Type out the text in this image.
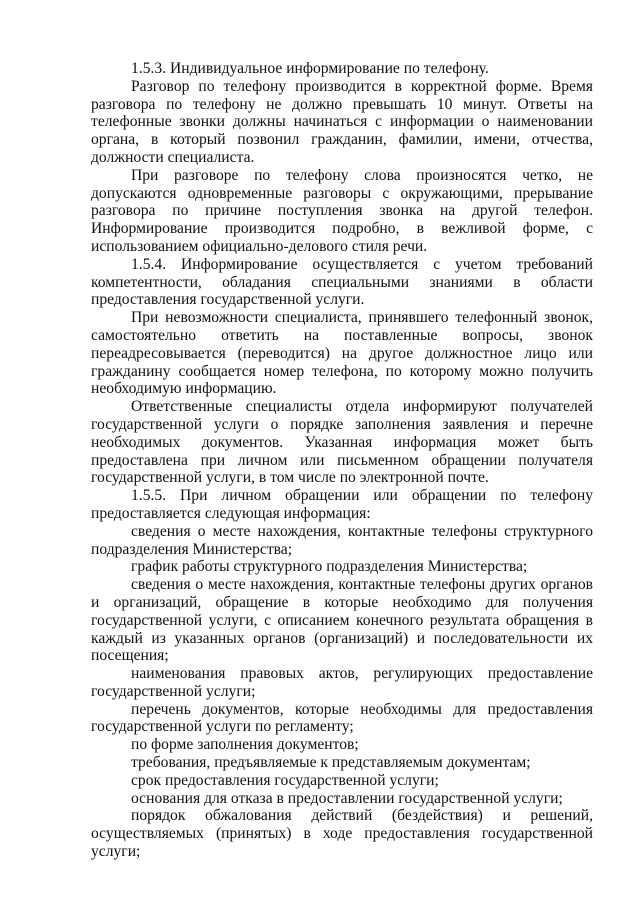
1.5.3. Индивидуальное информирование по телефону.

Разговор по телефону производится в корректной форме. Время разговора по телефону не должно превышать 10 минут. Ответы на телефонные звонки должны начинаться с информации о наименовании органа, в который позвонил гражданин, фамилии, имени, отчества, должности специалиста.

При разговоре по телефону слова произносятся четко, не допускаются одновременные разговоры с окружающими, прерывание разговора по причине поступления звонка на другой телефон. Информирование производится подробно, в вежливой форме, с использованием официально-делового стиля речи.

1.5.4. Информирование осуществляется с учетом требований компетентности, обладания специальными знаниями в области предоставления государственной услуги.

При невозможности специалиста, принявшего телефонный звонок, самостоятельно ответить на поставленные вопросы, звонок переадресовывается (переводится) на другое должностное лицо или гражданину сообщается номер телефона, по которому можно получить необходимую информацию.

Ответственные специалисты отдела информируют получателей государственной услуги о порядке заполнения заявления и перечне необходимых документов. Указанная информация может быть предоставлена при личном или письменном обращении получателя государственной услуги, в том числе по электронной почте.

1.5.5. При личном обращении или обращении по телефону предоставляется следующая информация:

сведения о месте нахождения, контактные телефоны структурного подразделения Министерства;

график работы структурного подразделения Министерства;

сведения о месте нахождения, контактные телефоны других органов и организаций, обращение в которые необходимо для получения государственной услуги, с описанием конечного результата обращения в каждый из указанных органов (организаций) и последовательности их посещения;

наименования правовых актов, регулирующих предоставление государственной услуги;

перечень документов, которые необходимы для предоставления государственной услуги по регламенту;

по форме заполнения документов;

требования, предъявляемые к представляемым документам;

срок предоставления государственной услуги;

основания для отказа в предоставлении государственной услуги;

порядок обжалования действий (бездействия) и решений, осуществляемых (принятых) в ходе предоставления государственной услуги;
